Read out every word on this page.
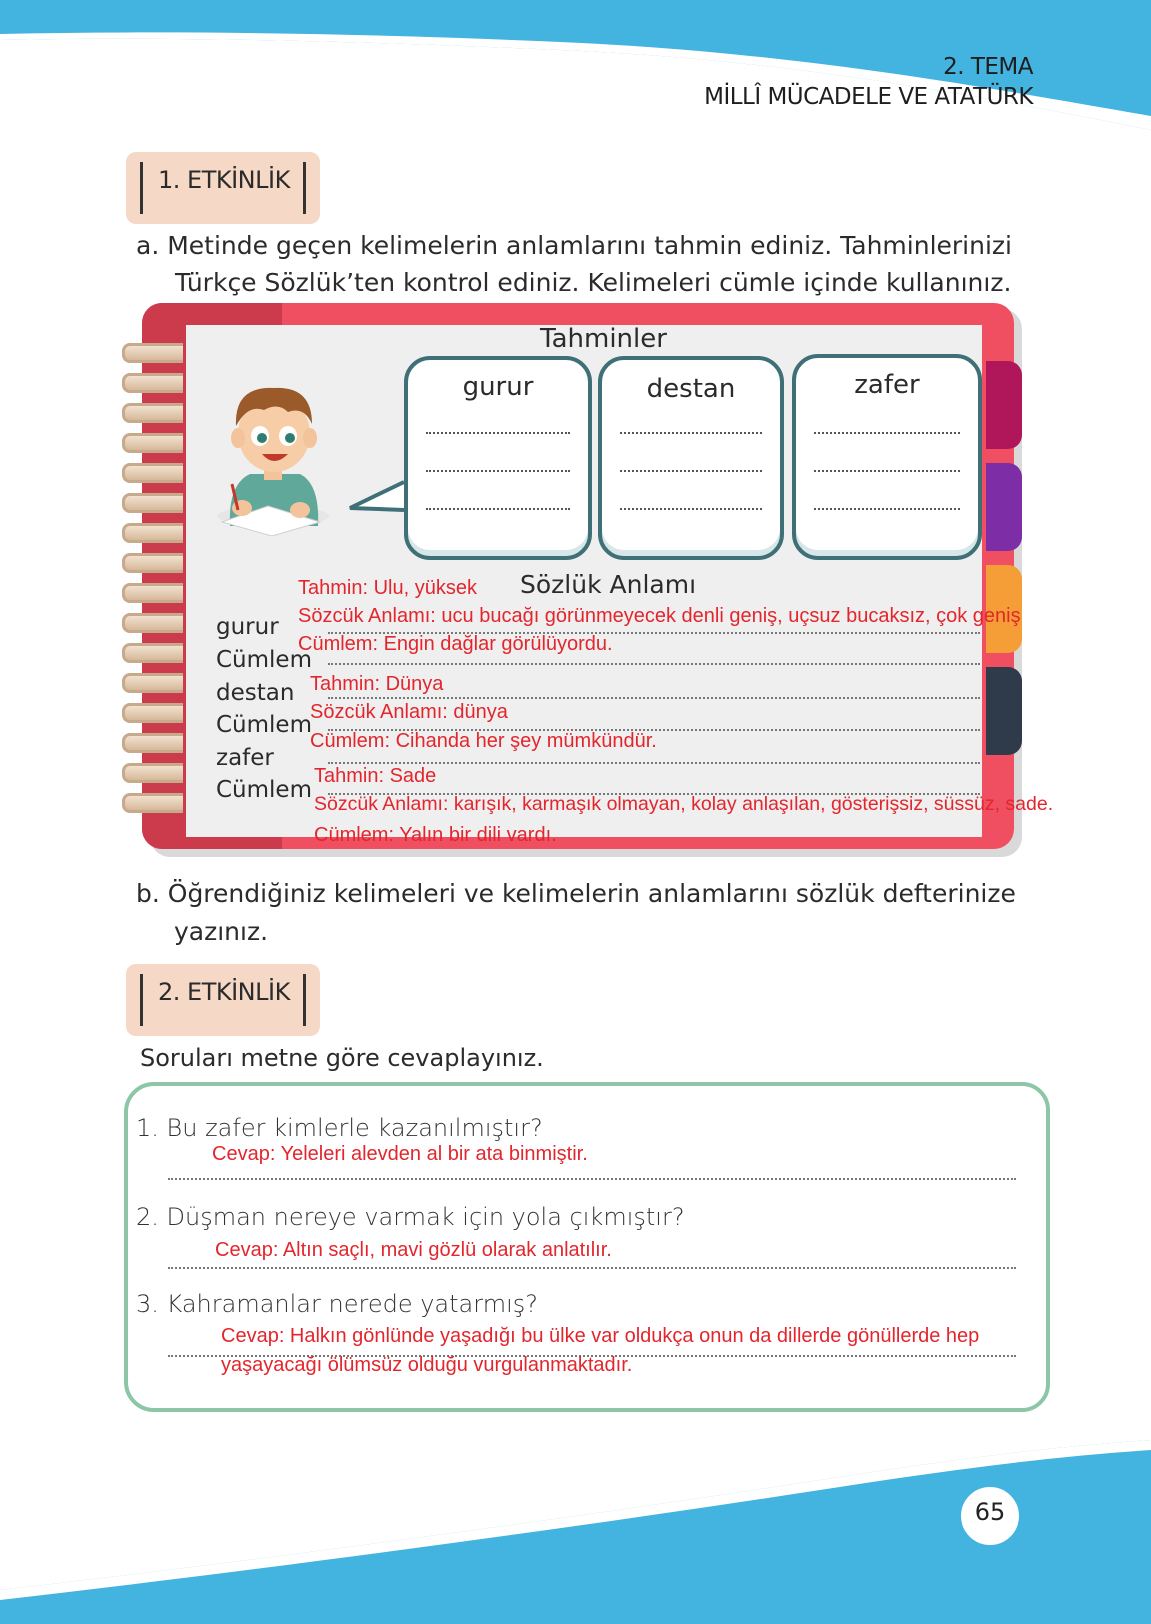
2. TEMA
MİLLÎ MÜCADELE VE ATATÜRK
1. ETKİNLİK
a. Metinde geçen kelimelerin anlamlarını tahmin ediniz. Tahminlerinizi
Türkçe Sözlük’ten kontrol ediniz. Kelimeleri cümle içinde kullanınız.
Tahminler
gurur	destan	zafer
Sözlük Anlamı
gurur
Cümlem
destan
Cümlem
zafer
Cümlem
Tahmin: Ulu, yüksek
Sözcük Anlamı: ucu bucağı görünmeyecek denli geniş, uçsuz bucaksız, çok geniş
Cümlem: Engin dağlar görülüyordu.
Tahmin: Dünya
Sözcük Anlamı: dünya
Cümlem: Cihanda her şey mümkündür.
Tahmin: Sade
Sözcük Anlamı: karışık, karmaşık olmayan, kolay anlaşılan, gösterişsiz, süssüz, sade.
Cümlem: Yalın bir dili vardı.
b. Öğrendiğiniz kelimeleri ve kelimelerin anlamlarını sözlük defterinize
yazınız.
2. ETKİNLİK
Soruları metne göre cevaplayınız.
1. Bu zafer kimlerle kazanılmıştır?
Cevap: Yeleleri alevden al bir ata binmiştir.
2. Düşman nereye varmak için yola çıkmıştır?
Cevap: Altın saçlı, mavi gözlü olarak anlatılır.
3. Kahramanlar nerede yatarmış?
Cevap: Halkın gönlünde yaşadığı bu ülke var oldukça onun da dillerde gönüllerde hep
yaşayacağı ölümsüz olduğu vurgulanmaktadır.
65
